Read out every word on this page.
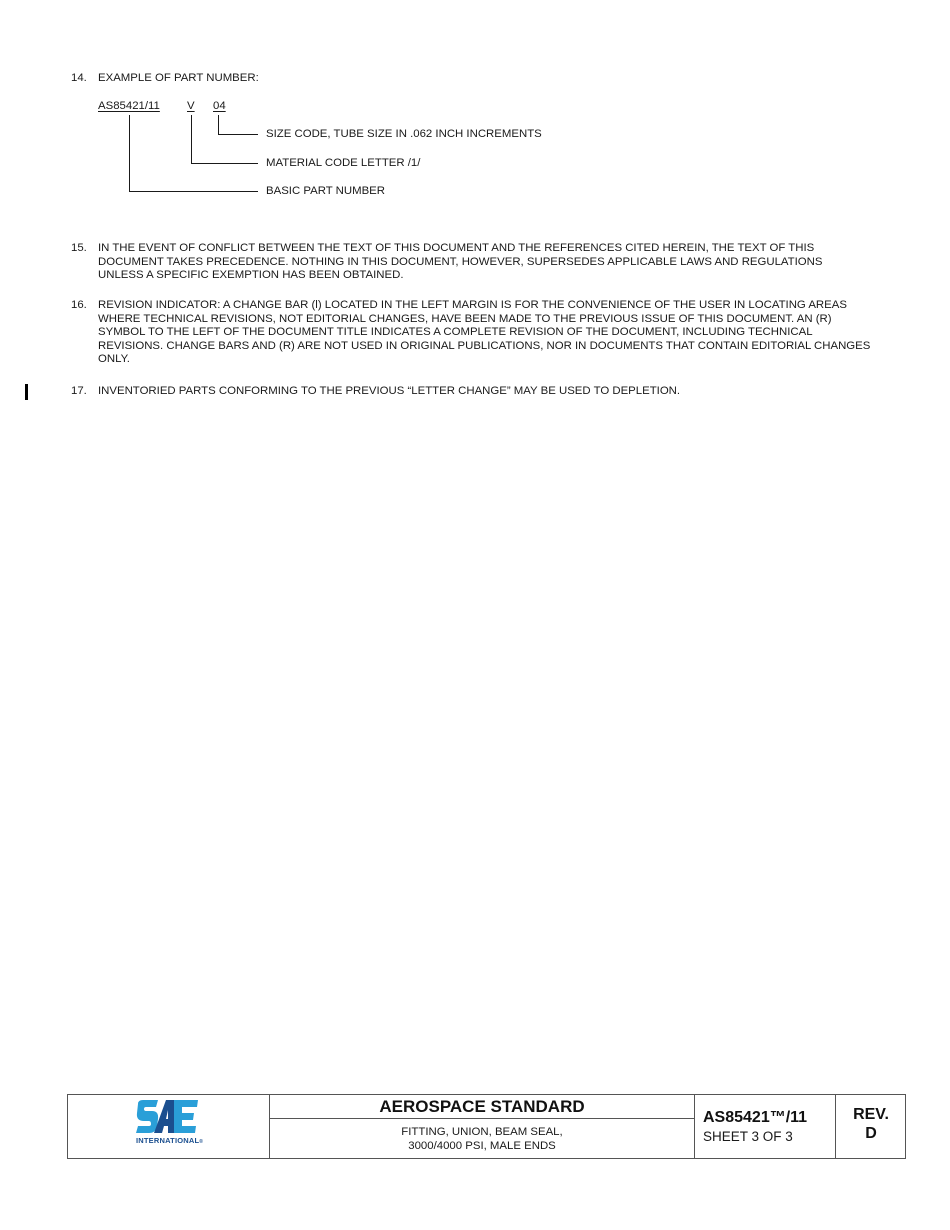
14. EXAMPLE OF PART NUMBER:
AS85421/11 V 04
SIZE CODE, TUBE SIZE IN .062 INCH INCREMENTS
MATERIAL CODE LETTER /1/
BASIC PART NUMBER
15. IN THE EVENT OF CONFLICT BETWEEN THE TEXT OF THIS DOCUMENT AND THE REFERENCES CITED HEREIN, THE TEXT OF THIS DOCUMENT TAKES PRECEDENCE. NOTHING IN THIS DOCUMENT, HOWEVER, SUPERSEDES APPLICABLE LAWS AND REGULATIONS UNLESS A SPECIFIC EXEMPTION HAS BEEN OBTAINED.
16. REVISION INDICATOR: A CHANGE BAR (l) LOCATED IN THE LEFT MARGIN IS FOR THE CONVENIENCE OF THE USER IN LOCATING AREAS WHERE TECHNICAL REVISIONS, NOT EDITORIAL CHANGES, HAVE BEEN MADE TO THE PREVIOUS ISSUE OF THIS DOCUMENT. AN (R) SYMBOL TO THE LEFT OF THE DOCUMENT TITLE INDICATES A COMPLETE REVISION OF THE DOCUMENT, INCLUDING TECHNICAL REVISIONS. CHANGE BARS AND (R) ARE NOT USED IN ORIGINAL PUBLICATIONS, NOR IN DOCUMENTS THAT CONTAIN EDITORIAL CHANGES ONLY.
17. INVENTORIED PARTS CONFORMING TO THE PREVIOUS “LETTER CHANGE” MAY BE USED TO DEPLETION.
INTERNATIONAL®
AEROSPACE STANDARD
FITTING, UNION, BEAM SEAL,
3000/4000 PSI, MALE ENDS
AS85421™/11
SHEET 3 OF 3
REV.
D
